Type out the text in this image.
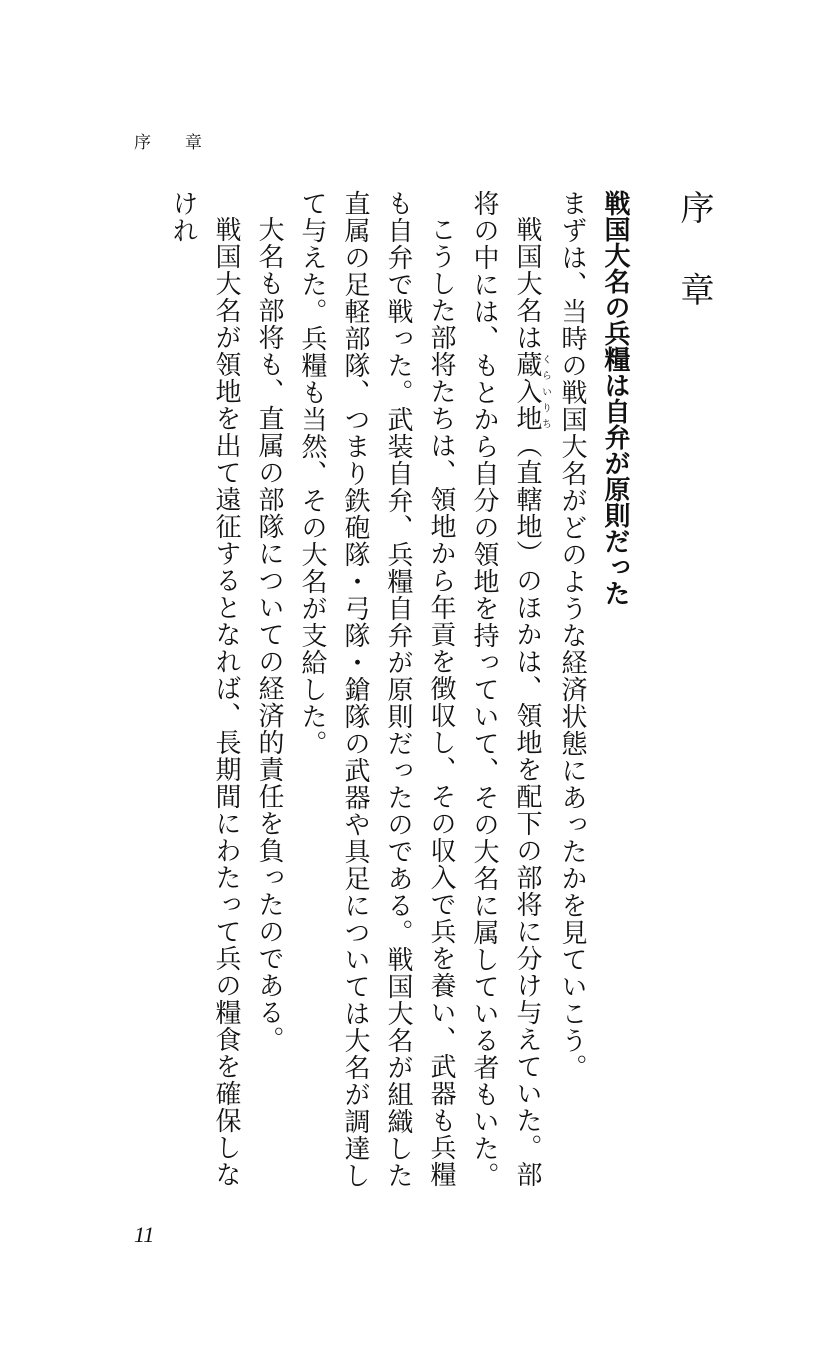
序章

序章

戦国大名の兵糧は自弁が原則だった

まずは、当時の戦国大名がどのような経済状態にあったかを見ていこう。

戦国大名は蔵入地くらいりち（直轄地）のほかは、領地を配下の部将に分け与えていた。部将の中には、もとから自分の領地を持っていて、その大名に属している者もいた。

こうした部将たちは、領地から年貢を徴収し、その収入で兵を養い、武器も兵糧も自弁で戦った。武装自弁、兵糧自弁が原則だったのである。戦国大名が組織した直属の足軽部隊、つまり鉄砲隊・弓隊・鎗隊の武器や具足については大名が調達して与えた。兵糧も当然、その大名が支給した。

大名も部将も、直属の部隊についての経済的責任を負ったのである。

戦国大名が領地を出て遠征するとなれば、長期間にわたって兵の糧食を確保しなけれ

11
